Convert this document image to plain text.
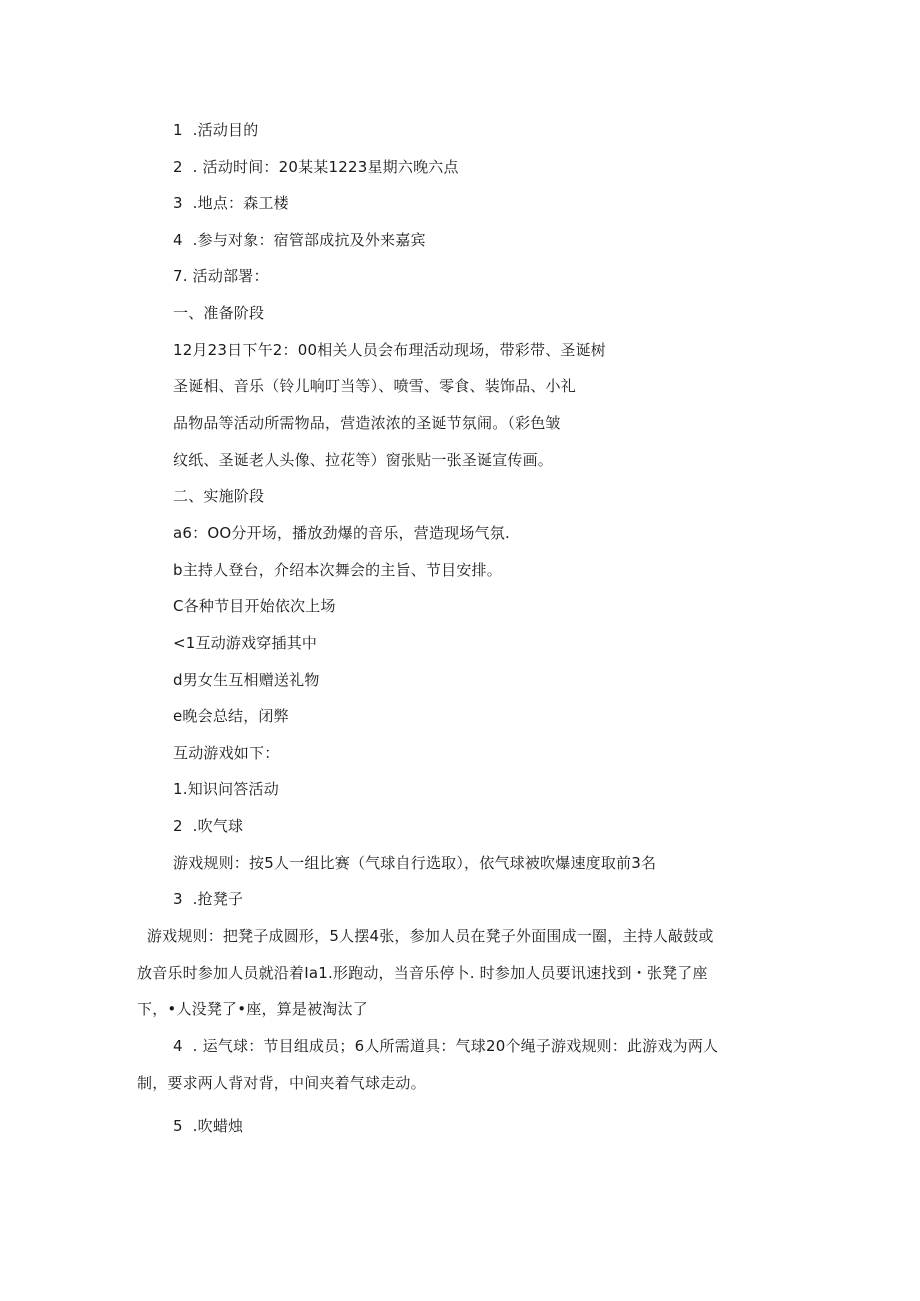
1  .活动目的
2  . 活动时间：20某某1223星期六晚六点
3  .地点：森工楼
4  .参与对象：宿管部成抗及外来嘉宾
7. 活动部署：
一、准备阶段
12月23日下午2：00相关人员会布理活动现场，带彩带、圣诞树
圣诞相、音乐（铃儿响叮当等）、喷雪、零食、装饰品、小礼
品物品等活动所需物品，营造浓浓的圣诞节氛闹。（彩色皱
纹纸、圣诞老人头像、拉花等）窗张贴一张圣诞宣传画。
二、实施阶段
a6：OO分开场，播放劲爆的音乐，营造现场气氛.
b主持人登台，介绍本次舞会的主旨、节目安排。
C各种节目开始依次上场
<1互动游戏穿插其中
d男女生互相赠送礼物
e晚会总结，闭弊
互动游戏如下：
1.知识问答活动
2  .吹气球
游戏规则：按5人一组比赛（气球自行选取），依气球被吹爆速度取前3名
3  .抢凳子
游戏规则：把凳子成圆形，5人摆4张，参加人员在凳子外面围成一圈，主持人敲鼓或
放音乐时参加人员就沿着Ia1.形跑动，当音乐停卜. 时参加人员要讯速找到・张凳了座
下，•人没凳了•座，算是被淘汰了
4  . 运气球：节目组成员；6人所需道具：气球20个绳子游戏规则：此游戏为两人
制，要求两人背对背，中间夹着气球走动。
5  .吹蜡烛
